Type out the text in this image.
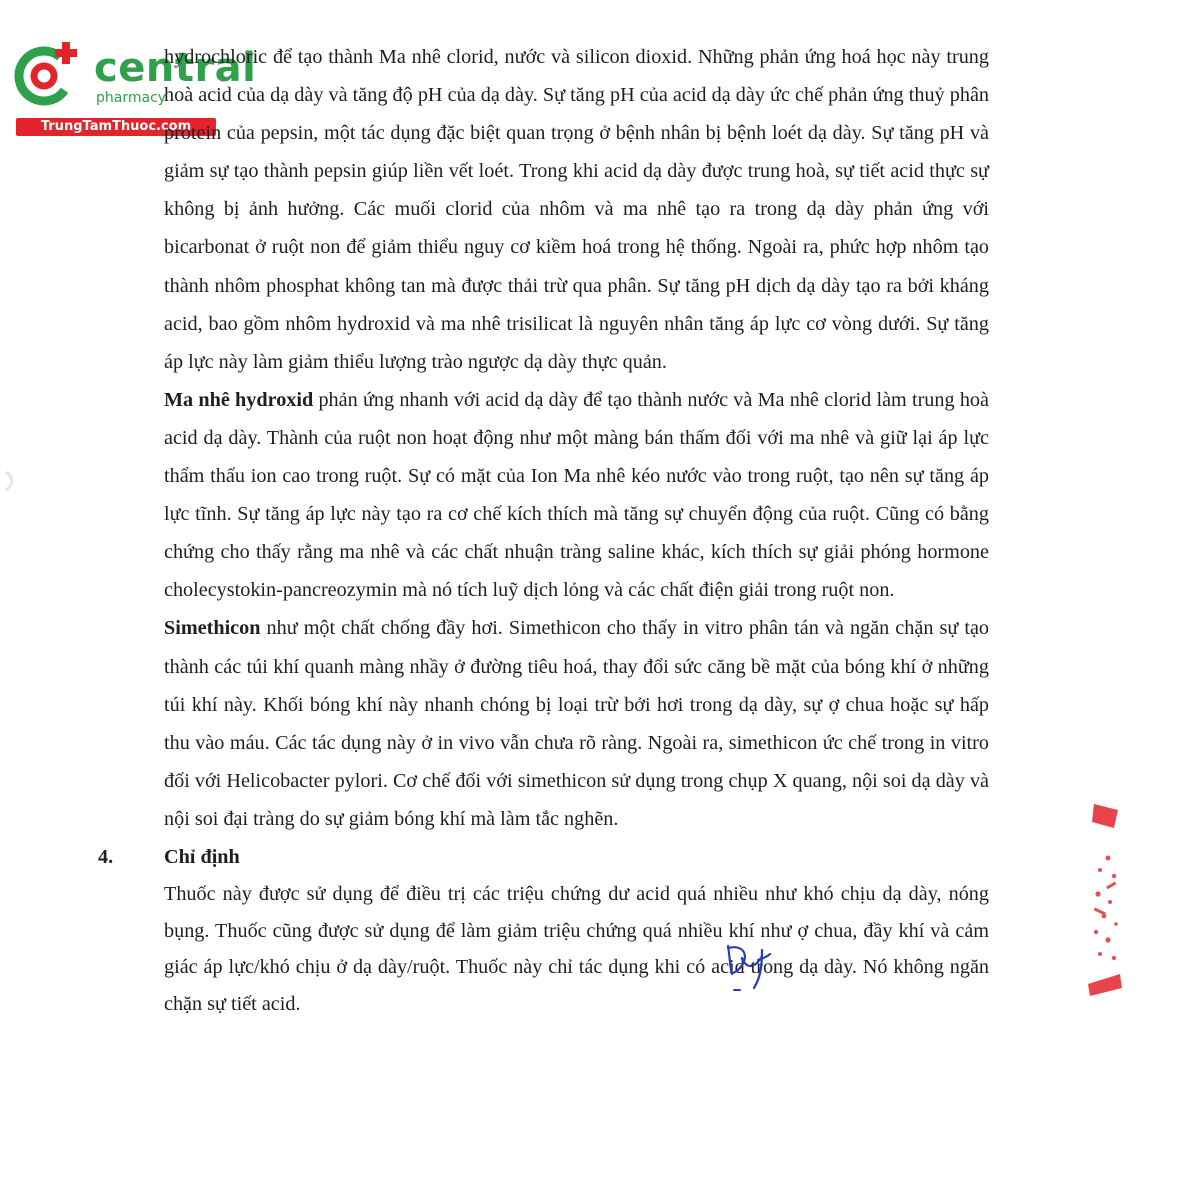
central
pharmacy
TrungTamThuoc.com

hydrochloric để tạo thành Ma nhê clorid, nước và silicon dioxid. Những phản ứng hoá học này trung hoà acid của dạ dày và tăng độ pH của dạ dày. Sự tăng pH của acid dạ dày ức chế phản ứng thuỷ phân protein của pepsin, một tác dụng đặc biệt quan trọng ở bệnh nhân bị bệnh loét dạ dày. Sự tăng pH và giảm sự tạo thành pepsin giúp liền vết loét. Trong khi acid dạ dày được trung hoà, sự tiết acid thực sự không bị ảnh hưởng. Các muối clorid của nhôm và ma nhê tạo ra trong dạ dày phản ứng với bicarbonat ở ruột non để giảm thiểu nguy cơ kiềm hoá trong hệ thống. Ngoài ra, phức hợp nhôm tạo thành nhôm phosphat không tan mà được thải trừ qua phân. Sự tăng pH dịch dạ dày tạo ra bởi kháng acid, bao gồm nhôm hydroxid và ma nhê trisilicat là nguyên nhân tăng áp lực cơ vòng dưới. Sự tăng áp lực này làm giảm thiểu lượng trào ngược dạ dày thực quản.

Ma nhê hydroxid phản ứng nhanh với acid dạ dày để tạo thành nước và Ma nhê clorid làm trung hoà acid dạ dày. Thành của ruột non hoạt động như một màng bán thấm đối với ma nhê và giữ lại áp lực thẩm thấu ion cao trong ruột. Sự có mặt của Ion Ma nhê kéo nước vào trong ruột, tạo nên sự tăng áp lực tĩnh. Sự tăng áp lực này tạo ra cơ chế kích thích mà tăng sự chuyển động của ruột. Cũng có bằng chứng cho thấy rằng ma nhê và các chất nhuận tràng saline khác, kích thích sự giải phóng hormone cholecystokin-pancreozymin mà nó tích luỹ dịch lỏng và các chất điện giải trong ruột non.

Simethicon như một chất chống đầy hơi. Simethicon cho thấy in vitro phân tán và ngăn chặn sự tạo thành các túi khí quanh màng nhầy ở đường tiêu hoá, thay đổi sức căng bề mặt của bóng khí ở những túi khí này. Khối bóng khí này nhanh chóng bị loại trừ bởi hơi trong dạ dày, sự ợ chua hoặc sự hấp thu vào máu. Các tác dụng này ở in vivo vẫn chưa rõ ràng. Ngoài ra, simethicon ức chế trong in vitro đối với Helicobacter pylori. Cơ chế đối với simethicon sử dụng trong chụp X quang, nội soi dạ dày và nội soi đại tràng do sự giảm bóng khí mà làm tắc nghẽn.

4.	Chỉ định

Thuốc này được sử dụng để điều trị các triệu chứng dư acid quá nhiều như khó chịu dạ dày, nóng bụng. Thuốc cũng được sử dụng để làm giảm triệu chứng quá nhiều khí như ợ chua, đầy khí và cảm giác áp lực/khó chịu ở dạ dày/ruột. Thuốc này chỉ tác dụng khi có acid trong dạ dày. Nó không ngăn chặn sự tiết acid.
